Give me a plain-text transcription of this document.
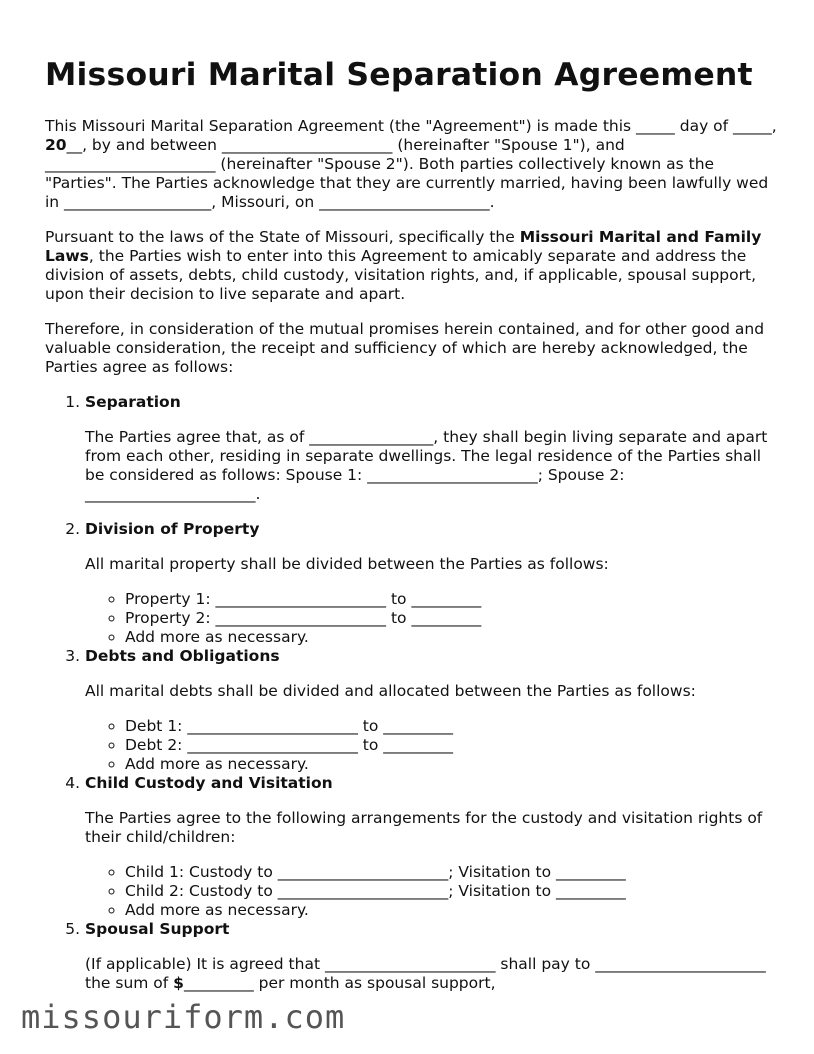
Missouri Marital Separation Agreement

This Missouri Marital Separation Agreement (the "Agreement") is made this _____ day of _____, 20__, by and between ______________________ (hereinafter "Spouse 1"), and ______________________ (hereinafter "Spouse 2"). Both parties collectively known as the "Parties". The Parties acknowledge that they are currently married, having been lawfully wed in ___________________, Missouri, on ______________________.

Pursuant to the laws of the State of Missouri, specifically the Missouri Marital and Family Laws, the Parties wish to enter into this Agreement to amicably separate and address the division of assets, debts, child custody, visitation rights, and, if applicable, spousal support, upon their decision to live separate and apart.

Therefore, in consideration of the mutual promises herein contained, and for other good and valuable consideration, the receipt and sufficiency of which are hereby acknowledged, the Parties agree as follows:

1. Separation
The Parties agree that, as of ________________, they shall begin living separate and apart from each other, residing in separate dwellings. The legal residence of the Parties shall be considered as follows: Spouse 1: ______________________; Spouse 2: ______________________.
2. Division of Property
All marital property shall be divided between the Parties as follows:
◦ Property 1: ______________________ to _________
◦ Property 2: ______________________ to _________
◦ Add more as necessary.
3. Debts and Obligations
All marital debts shall be divided and allocated between the Parties as follows:
◦ Debt 1: ______________________ to _________
◦ Debt 2: ______________________ to _________
◦ Add more as necessary.
4. Child Custody and Visitation
The Parties agree to the following arrangements for the custody and visitation rights of their child/children:
◦ Child 1: Custody to ______________________; Visitation to _________
◦ Child 2: Custody to ______________________; Visitation to _________
◦ Add more as necessary.
5. Spousal Support
(If applicable) It is agreed that ______________________ shall pay to ______________________ the sum of $_________ per month as spousal support,
missouriform.com
